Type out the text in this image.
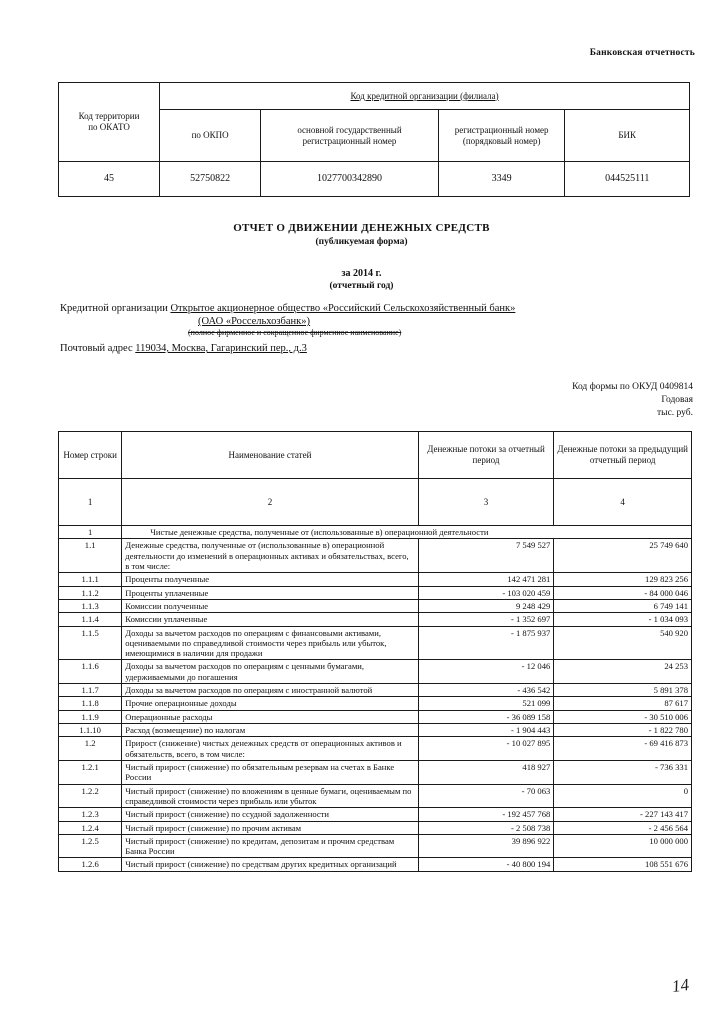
Банковская отчетность
Код территории
по ОКАТО	Код кредитной организации (филиала)			
	по ОКПО	основной государственный регистрационный номер	регистрационный номер (порядковый номер)	БИК
45	52750822	1027700342890	3349	044525111
ОТЧЕТ О ДВИЖЕНИИ ДЕНЕЖНЫХ СРЕДСТВ
(публикуемая форма)
за 2014 г.
(отчетный год)
Кредитной организации Открытое акционерное общество «Российский Сельскохозяйственный банк»
(ОАО «Россельхозбанк»)
(полное фирменное и сокращенное фирменное наименование)
Почтовый адрес 119034, Москва, Гагаринский пер., д.3
Код формы по ОКУД 0409814
Годовая
тыс. руб.
Номер строки	Наименование статей	Денежные потоки за отчетный период	Денежные потоки за предыдущий отчетный период
1	2	3	4
1	Чистые денежные средства, полученные от (использованные в) операционной деятельности		
1.1	Денежные средства, полученные от (использованные в) операционной деятельности до изменений в операционных активах и обязательствах, всего, в том числе:	7 549 527	25 749 640
1.1.1	Проценты полученные	142 471 281	129 823 256
1.1.2	Проценты уплаченные	- 103 020 459	- 84 000 046
1.1.3	Комиссии полученные	9 248 429	6 749 141
1.1.4	Комиссии уплаченные	- 1 352 697	- 1 034 093
1.1.5	Доходы за вычетом расходов по операциям с финансовыми активами, оцениваемыми по справедливой стоимости через прибыль или убыток, имеющимися в наличии для продажи	- 1 875 937	540 920
1.1.6	Доходы за вычетом расходов по операциям с ценными бумагами, удерживаемыми до погашения	- 12 046	24 253
1.1.7	Доходы за вычетом расходов по операциям с иностранной валютой	- 436 542	5 891 378
1.1.8	Прочие операционные доходы	521 099	87 617
1.1.9	Операционные расходы	- 36 089 158	- 30 510 006
1.1.10	Расход (возмещение) по налогам	- 1 904 443	- 1 822 780
1.2	Прирост (снижение) чистых денежных средств от операционных активов и обязательств, всего, в том числе:	- 10 027 895	- 69 416 873
1.2.1	Чистый прирост (снижение) по обязательным резервам на счетах в Банке России	418 927	- 736 331
1.2.2	Чистый прирост (снижение) по вложениям в ценные бумаги, оцениваемым по справедливой стоимости через прибыль или убыток	- 70 063	0
1.2.3	Чистый прирост (снижение) по ссудной задолженности	- 192 457 768	- 227 143 417
1.2.4	Чистый прирост (снижение) по прочим активам	- 2 508 738	- 2 456 564
1.2.5	Чистый прирост (снижение) по кредитам, депозитам и прочим средствам Банка России	39 896 922	10 000 000
1.2.6	Чистый прирост (снижение) по средствам других кредитных организаций	- 40 800 194	108 551 676
14
